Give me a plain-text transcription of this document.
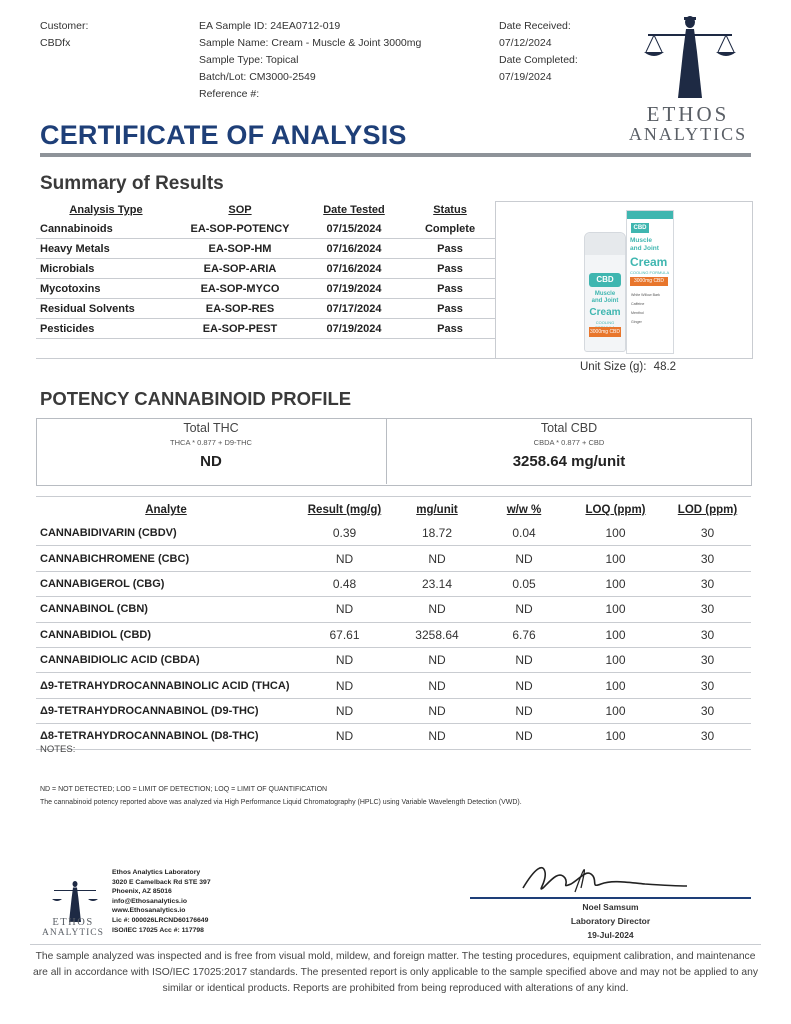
Customer:
CBDfx
EA Sample ID: 24EA0712-019
Sample Name: Cream - Muscle & Joint 3000mg
Sample Type: Topical
Batch/Lot: CM3000-2549
Reference #:
Date Received:
07/12/2024
Date Completed:
07/19/2024
ETHOS
ANALYTICS
CERTIFICATE OF ANALYSIS
Summary of Results
Analysis Type	SOP	Date Tested	Status
Cannabinoids	EA-SOP-POTENCY	07/15/2024	Complete
Heavy Metals	EA-SOP-HM	07/16/2024	Pass
Microbials	EA-SOP-ARIA	07/16/2024	Pass
Mycotoxins	EA-SOP-MYCO	07/19/2024	Pass
Residual Solvents	EA-SOP-RES	07/17/2024	Pass
Pesticides	EA-SOP-PEST	07/19/2024	Pass

CBD
Muscle
and Joint
Cream
COOLING
3000mg CBD
CBD
Muscle
and Joint
Cream
COOLING FORMULA
3000mg CBD
White Willow Bark
Caffeine
Menthol
Ginger
Unit Size (g): 48.2
POTENCY CANNABINOID PROFILE
Total THC
THCA * 0.877 + D9-THC
ND
Total CBD
CBDA * 0.877 + CBD
3258.64 mg/unit
Analyte	Result (mg/g)	mg/unit	w/w %	LOQ (ppm)	LOD (ppm)
CANNABIDIVARIN (CBDV)	0.39	18.72	0.04	100	30
CANNABICHROMENE (CBC)	ND	ND	ND	100	30
CANNABIGEROL (CBG)	0.48	23.14	0.05	100	30
CANNABINOL (CBN)	ND	ND	ND	100	30
CANNABIDIOL (CBD)	67.61	3258.64	6.76	100	30
CANNABIDIOLIC ACID (CBDA)	ND	ND	ND	100	30
Δ9-TETRAHYDROCANNABINOLIC ACID (THCA)	ND	ND	ND	100	30
Δ9-TETRAHYDROCANNABINOL (D9-THC)	ND	ND	ND	100	30
Δ8-TETRAHYDROCANNABINOL (D8-THC)	ND	ND	ND	100	30
NOTES:
ND = NOT DETECTED; LOD = LIMIT OF DETECTION; LOQ = LIMIT OF QUANTIFICATION
The cannabinoid potency reported above was analyzed via High Performance Liquid Chromatography (HPLC) using Variable Wavelength Detection (VWD).
ETHOS
ANALYTICS
Ethos Analytics Laboratory
3020 E Camelback Rd STE 397
Phoenix, AZ 85016
info@Ethosanalytics.io
www.Ethosanalytics.io
Lic #: 000026LRCND60176649
ISO/IEC 17025 Acc #: 117798
Noel Samsum
Laboratory Director
19-Jul-2024
The sample analyzed was inspected and is free from visual mold, mildew, and foreign matter. The testing procedures, equipment calibration, and maintenance are all in accordance with ISO/IEC 17025:2017 standards. The presented report is only applicable to the sample specified above and may not be applied to any similar or identical products. Reports are prohibited from being reproduced with alterations of any kind.
